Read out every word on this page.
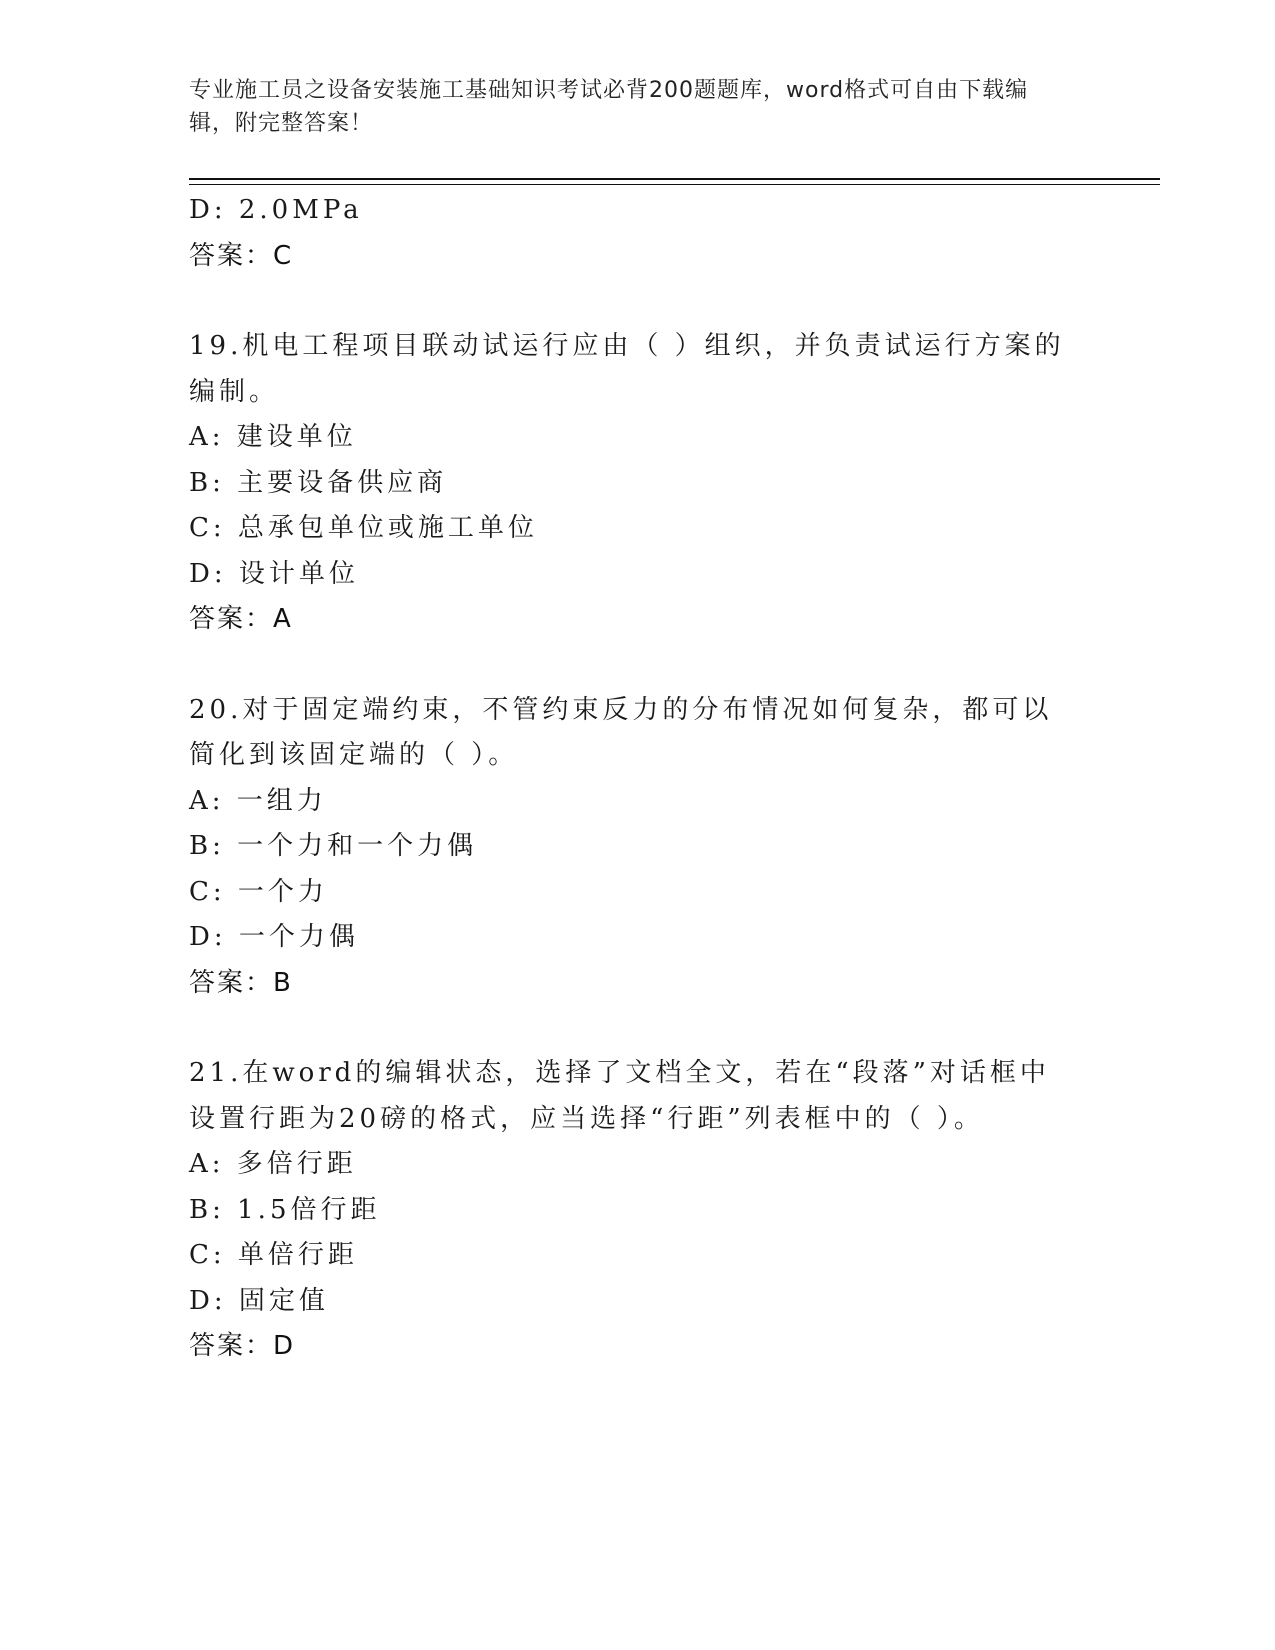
专业施工员之设备安装施工基础知识考试必背200题题库，word格式可自由下载编辑，附完整答案！
D: 2.0MPa
答案：C
19.机电工程项目联动试运行应由（ ）组织，并负责试运行方案的编制。
A: 建设单位
B: 主要设备供应商
C: 总承包单位或施工单位
D: 设计单位
答案：A
20.对于固定端约束，不管约束反力的分布情况如何复杂，都可以简化到该固定端的（ ）。
A: 一组力
B: 一个力和一个力偶
C: 一个力
D: 一个力偶
答案：B
21.在word的编辑状态，选择了文档全文，若在“段落”对话框中设置行距为20磅的格式，应当选择“行距”列表框中的（ ）。
A: 多倍行距
B: 1.5倍行距
C: 单倍行距
D: 固定值
答案：D
